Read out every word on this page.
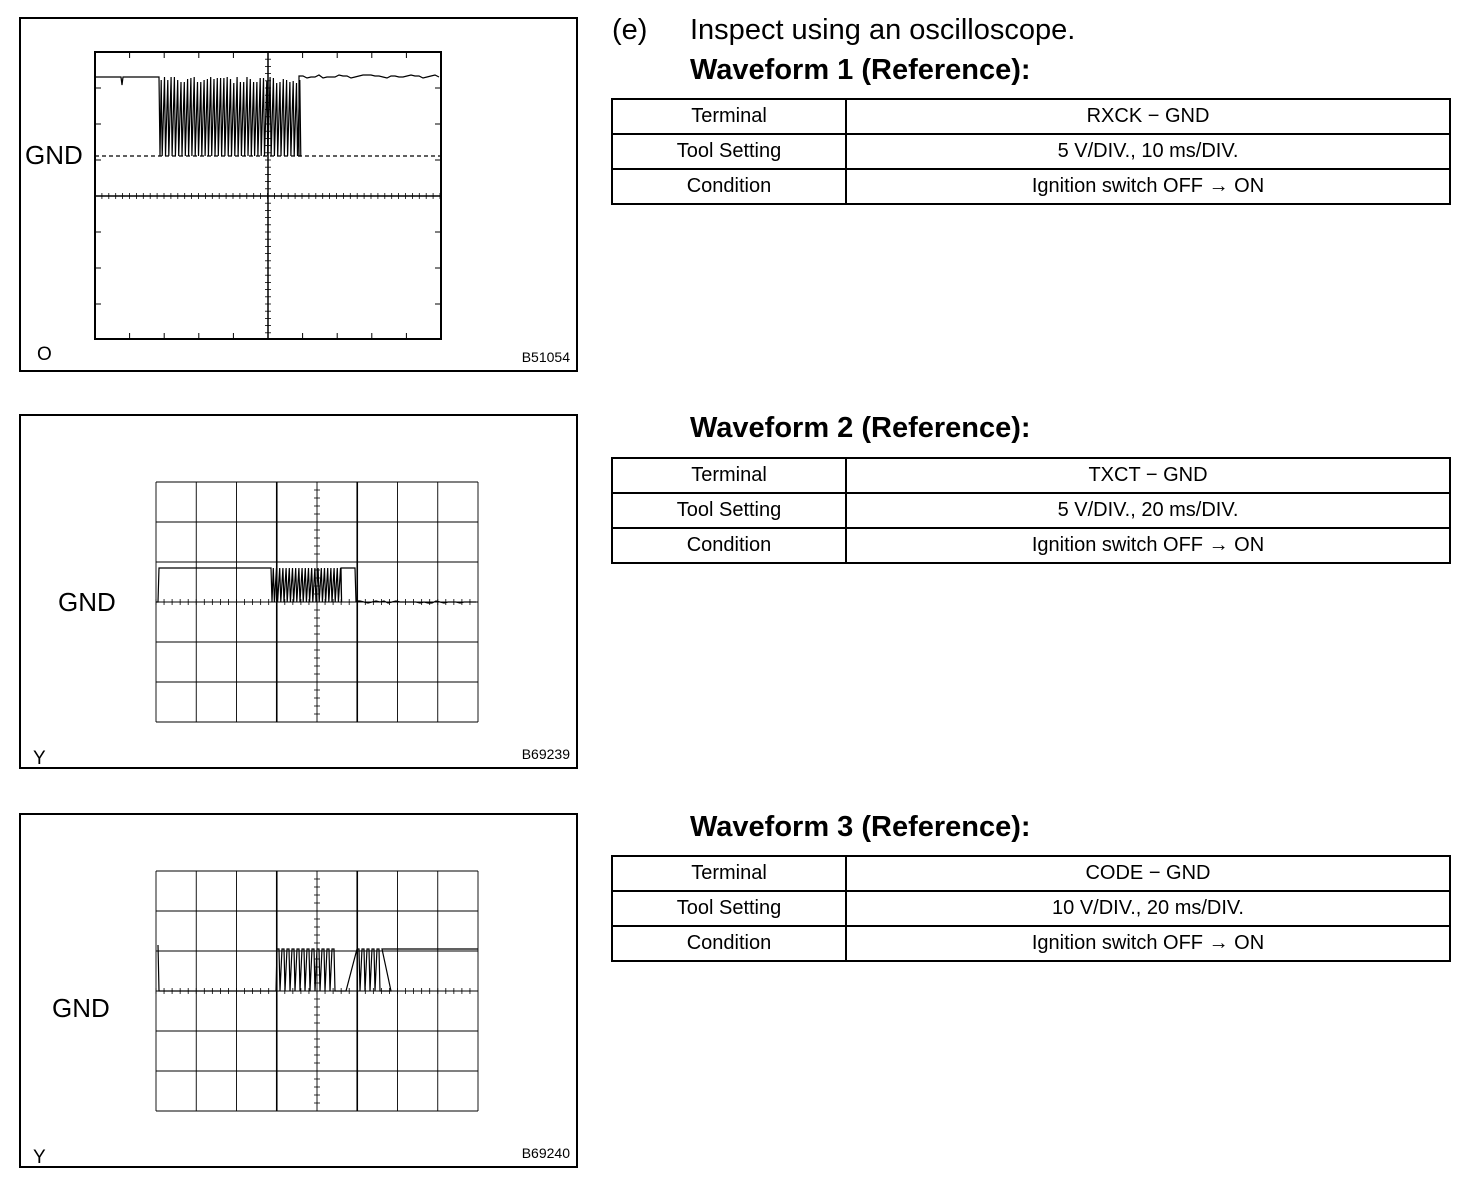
GND
O	B51054
GND
Y	B69239
GND
Y	B69240
(e) Inspect using an oscilloscope.
Waveform 1 (Reference):
Terminal	RXCK − GND
Tool Setting	5 V/DIV., 10 ms/DIV.
Condition	Ignition switch OFF → ON
Waveform 2 (Reference):
Terminal	TXCT − GND
Tool Setting	5 V/DIV., 20 ms/DIV.
Condition	Ignition switch OFF → ON
Waveform 3 (Reference):
Terminal	CODE − GND
Tool Setting	10 V/DIV., 20 ms/DIV.
Condition	Ignition switch OFF → ON
